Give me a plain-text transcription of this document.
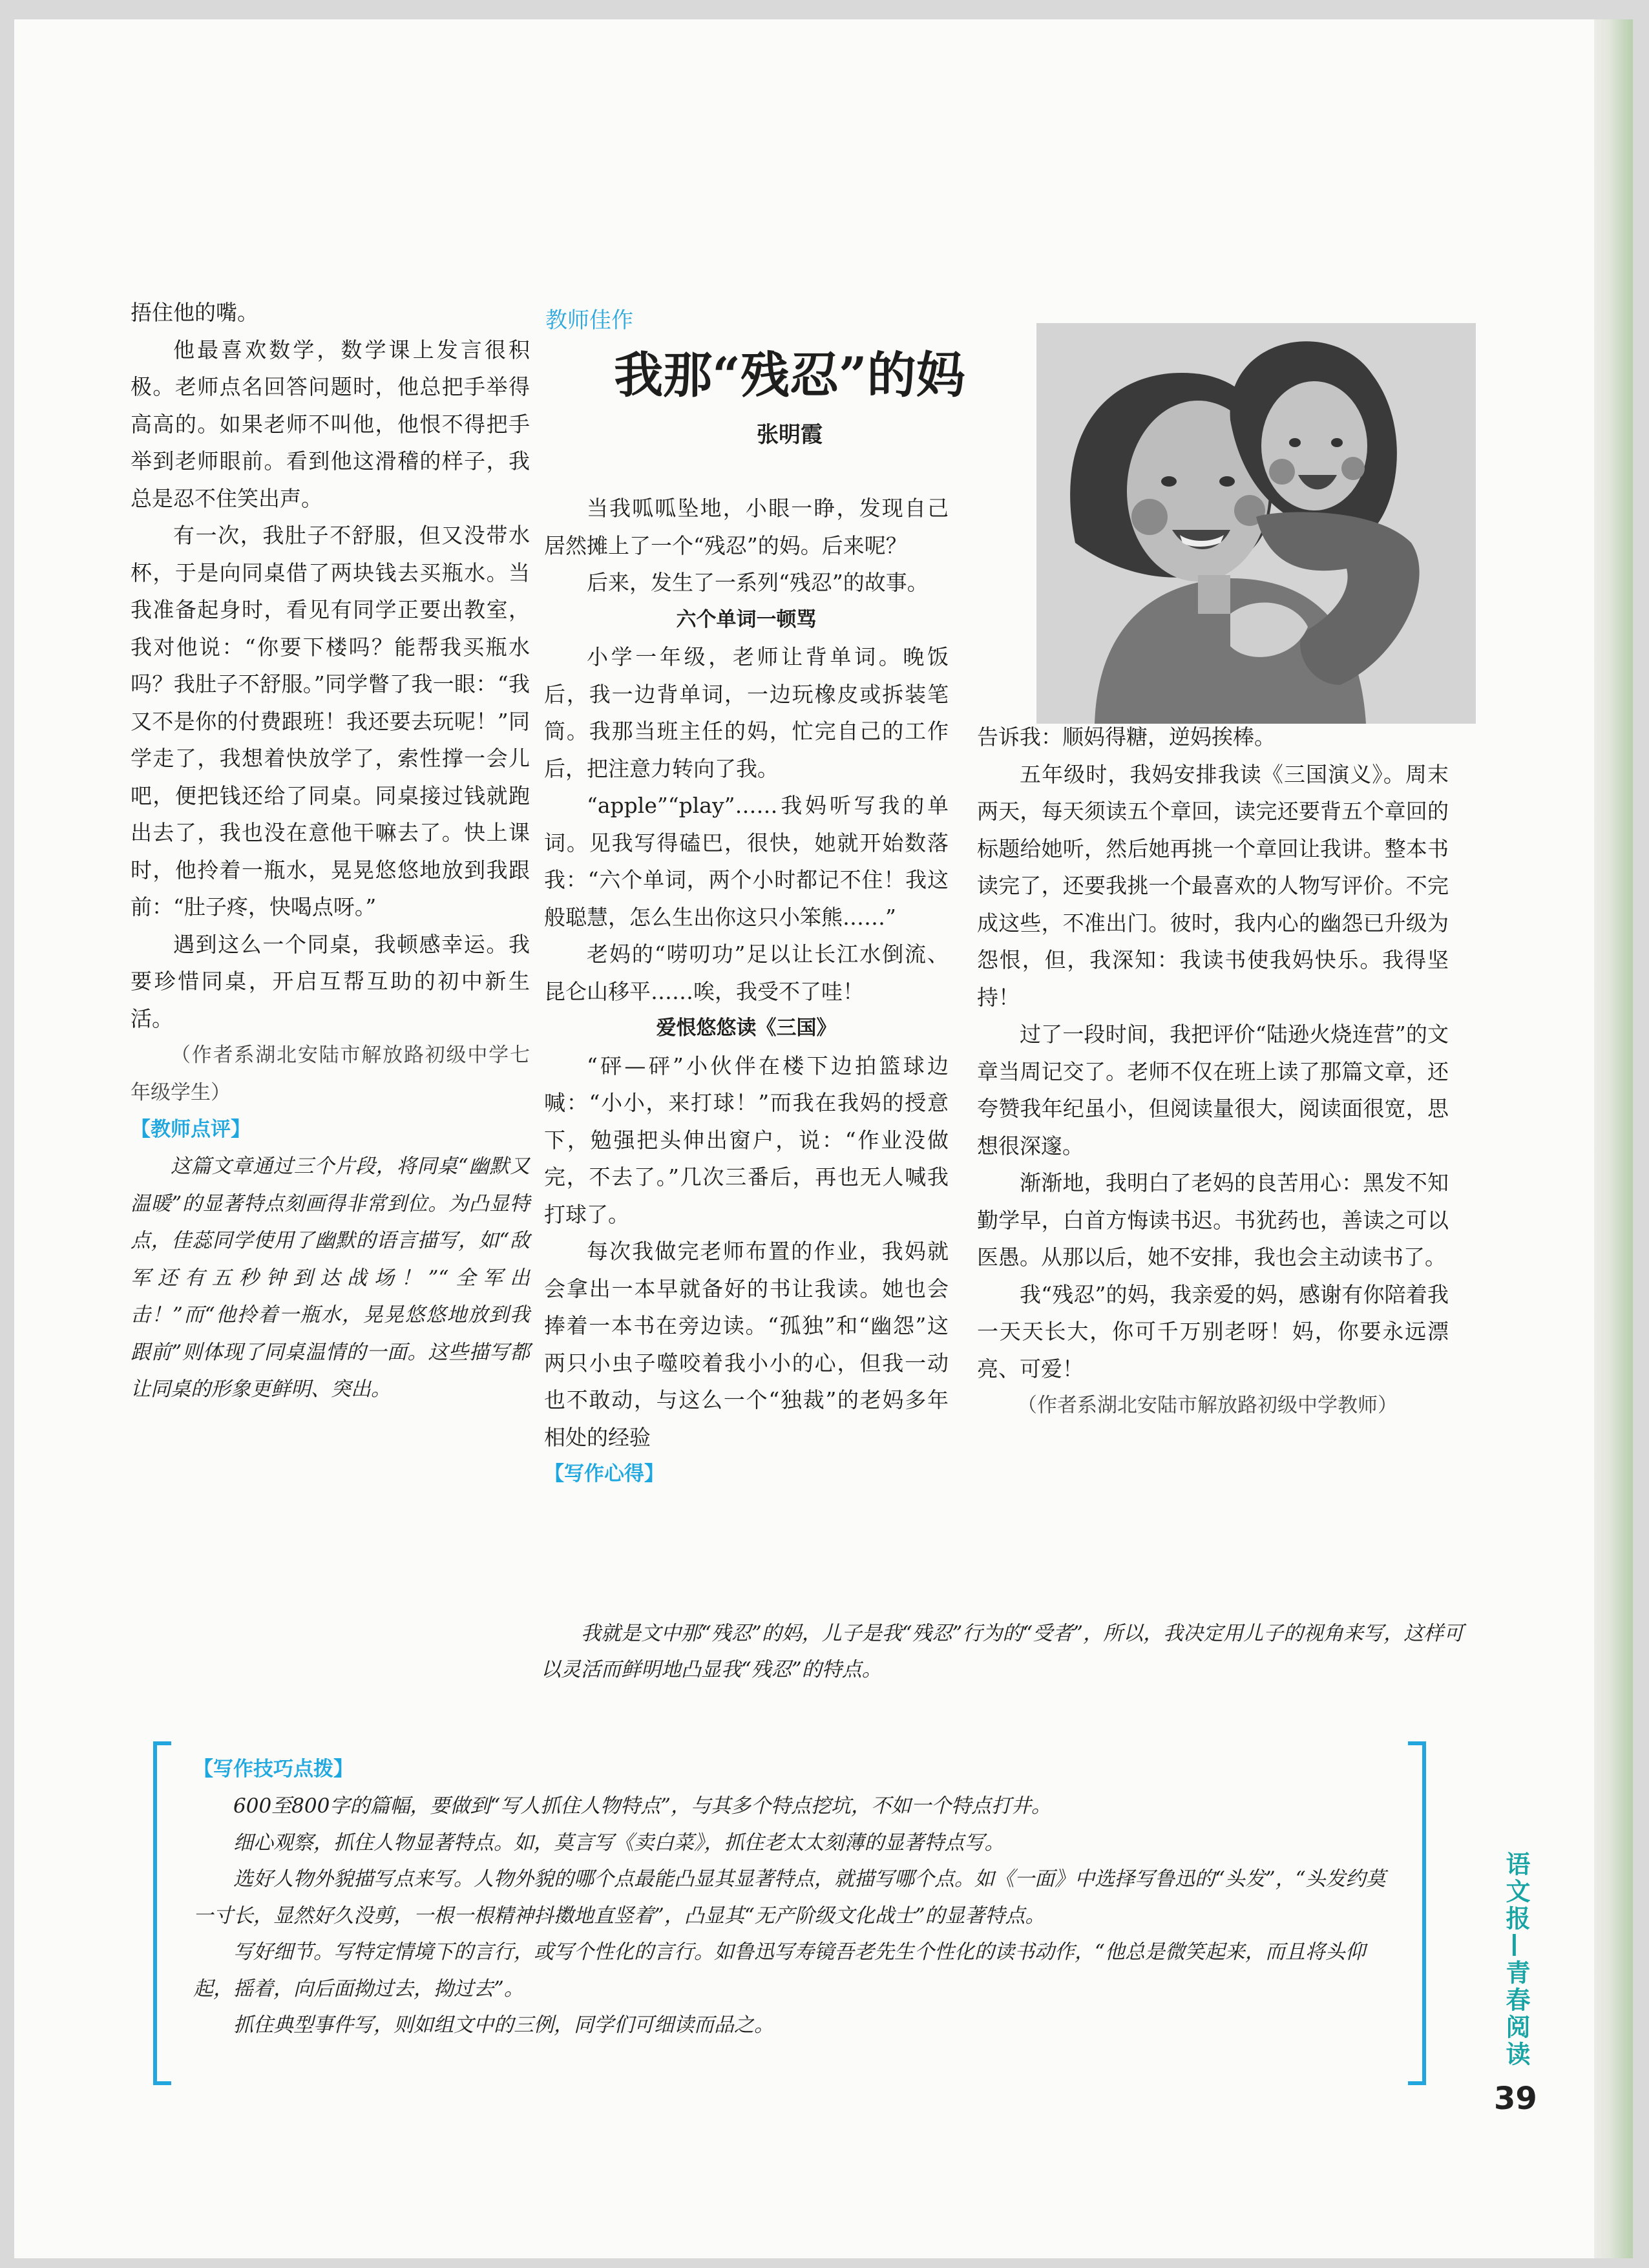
捂住他的嘴。

他最喜欢数学，数学课上发言很积极。老师点名回答问题时，他总把手举得高高的。如果老师不叫他，他恨不得把手举到老师眼前。看到他这滑稽的样子，我总是忍不住笑出声。

有一次，我肚子不舒服，但又没带水杯，于是向同桌借了两块钱去买瓶水。当我准备起身时，看见有同学正要出教室，我对他说：“你要下楼吗？能帮我买瓶水吗？我肚子不舒服。”同学瞥了我一眼：“我又不是你的付费跟班！我还要去玩呢！”同学走了，我想着快放学了，索性撑一会儿吧，便把钱还给了同桌。同桌接过钱就跑出去了，我也没在意他干嘛去了。快上课时，他拎着一瓶水，晃晃悠悠地放到我跟前：“肚子疼，快喝点呀。”

遇到这么一个同桌，我顿感幸运。我要珍惜同桌，开启互帮互助的初中新生活。

（作者系湖北安陆市解放路初级中学七年级学生）

【教师点评】

这篇文章通过三个片段，将同桌“幽默又温暖”的显著特点刻画得非常到位。为凸显特点，佳蕊同学使用了幽默的语言描写，如“敌军还有五秒钟到达战场！”“全军出击！”而“他拎着一瓶水，晃晃悠悠地放到我跟前”则体现了同桌温情的一面。这些描写都让同桌的形象更鲜明、突出。

教师佳作
我那“残忍”的妈
张明霞

当我呱呱坠地，小眼一睁，发现自己居然摊上了一个“残忍”的妈。后来呢？

后来，发生了一系列“残忍”的故事。

六个单词一顿骂

小学一年级，老师让背单词。晚饭后，我一边背单词，一边玩橡皮或拆装笔筒。我那当班主任的妈，忙完自己的工作后，把注意力转向了我。

“apple”“play”……我妈听写我的单词。见我写得磕巴，很快，她就开始数落我：“六个单词，两个小时都记不住！我这般聪慧，怎么生出你这只小笨熊……”

老妈的“唠叨功”足以让长江水倒流、昆仑山移平……唉，我受不了哇！

爱恨悠悠读《三国》

“砰—砰”小伙伴在楼下边拍篮球边喊：“小小，来打球！”而我在我妈的授意下，勉强把头伸出窗户，说：“作业没做完，不去了。”几次三番后，再也无人喊我打球了。

每次我做完老师布置的作业，我妈就会拿出一本早就备好的书让我读。她也会捧着一本书在旁边读。“孤独”和“幽怨”这两只小虫子噬咬着我小小的心，但我一动也不敢动，与这么一个“独裁”的老妈多年相处的经验

【写作心得】

告诉我：顺妈得糖，逆妈挨棒。

五年级时，我妈安排我读《三国演义》。周末两天，每天须读五个章回，读完还要背五个章回的标题给她听，然后她再挑一个章回让我讲。整本书读完了，还要我挑一个最喜欢的人物写评价。不完成这些，不准出门。彼时，我内心的幽怨已升级为怨恨，但，我深知：我读书使我妈快乐。我得坚持！

过了一段时间，我把评价“陆逊火烧连营”的文章当周记交了。老师不仅在班上读了那篇文章，还夸赞我年纪虽小，但阅读量很大，阅读面很宽，思想很深邃。

渐渐地，我明白了老妈的良苦用心：黑发不知勤学早，白首方悔读书迟。书犹药也，善读之可以医愚。从那以后，她不安排，我也会主动读书了。

我“残忍”的妈，我亲爱的妈，感谢有你陪着我一天天长大，你可千万别老呀！妈，你要永远漂亮、可爱！

（作者系湖北安陆市解放路初级中学教师）

我就是文中那“残忍”的妈，儿子是我“残忍”行为的“受者”，所以，我决定用儿子的视角来写，这样可以灵活而鲜明地凸显我“残忍”的特点。

【写作技巧点拨】

600至800字的篇幅，要做到“写人抓住人物特点”，与其多个特点挖坑，不如一个特点打井。

细心观察，抓住人物显著特点。如，莫言写《卖白菜》，抓住老太太刻薄的显著特点写。

选好人物外貌描写点来写。人物外貌的哪个点最能凸显其显著特点，就描写哪个点。如《一面》中选择写鲁迅的“头发”，“头发约莫一寸长，显然好久没剪，一根一根精神抖擞地直竖着”，凸显其“无产阶级文化战士”的显著特点。

写好细节。写特定情境下的言行，或写个性化的言行。如鲁迅写寿镜吾老先生个性化的读书动作，“他总是微笑起来，而且将头仰起，摇着，向后面拗过去，拗过去”。

抓住典型事件写，则如组文中的三例，同学们可细读而品之。	语文报—青春阅读
39
